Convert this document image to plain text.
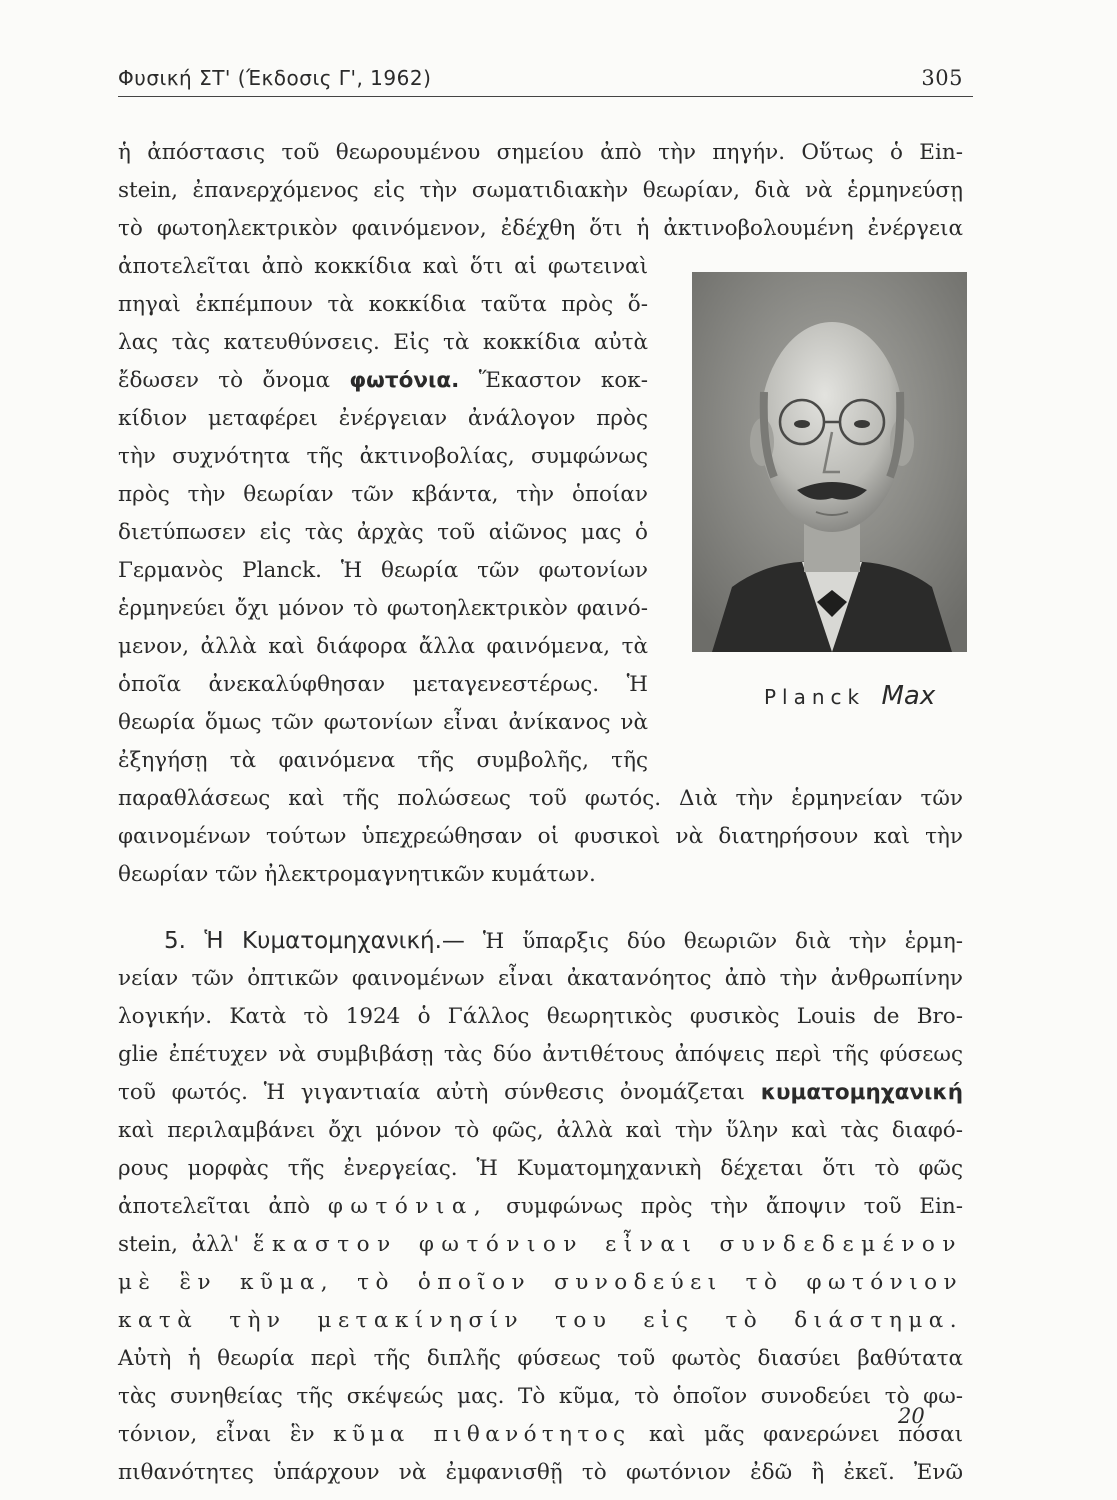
Φυσική ΣΤ' (Έκδοσις Γ', 1962)	305
ἡ ἀπόστασις τοῦ θεωρουμένου σημείου ἀπὸ τὴν πηγήν. Οὕτως ὁ Ein-
stein, ἐπανερχόμενος εἰς τὴν σωματιδιακὴν θεωρίαν, διὰ νὰ ἑρμηνεύσῃ
τὸ φωτοηλεκτρικὸν φαινόμενον, ἐδέχθη ὅτι ἡ ἀκτινοβολουμένη ἐνέργεια
ἀποτελεῖται ἀπὸ κοκκίδια καὶ ὅτι αἱ φωτειναὶ
πηγαὶ ἐκπέμπουν τὰ κοκκίδια ταῦτα πρὸς ὅ-
λας τὰς κατευθύνσεις. Εἰς τὰ κοκκίδια αὐτὰ
ἔδωσεν τὸ ὄνομα φωτόνια. Ἕκαστον κοκ-
κίδιον μεταφέρει ἐνέργειαν ἀνάλογον πρὸς
τὴν συχνότητα τῆς ἀκτινοβολίας, συμφώνως
πρὸς τὴν θεωρίαν τῶν κβάντα, τὴν ὁποίαν
διετύπωσεν εἰς τὰς ἀρχὰς τοῦ αἰῶνος μας ὁ
Γερμανὸς Planck. Ἡ θεωρία τῶν φωτονίων
ἑρμηνεύει ὄχι μόνον τὸ φωτοηλεκτρικὸν φαινό-
μενον, ἀλλὰ καὶ διάφορα ἄλλα φαινόμενα, τὰ
ὁποῖα ἀνεκαλύφθησαν μεταγενεστέρως. Ἡ
θεωρία ὅμως τῶν φωτονίων εἶναι ἀνίκανος νὰ
ἐξηγήσῃ τὰ φαινόμενα τῆς συμβολῆς, τῆς
Planck Max
παραθλάσεως καὶ τῆς πολώσεως τοῦ φωτός. Διὰ τὴν ἑρμηνείαν τῶν
φαινομένων τούτων ὑπεχρεώθησαν οἱ φυσικοὶ νὰ διατηρήσουν καὶ τὴν
θεωρίαν τῶν ἠλεκτρομαγνητικῶν κυμάτων.
5. Ἡ Κυματομηχανική.— Ἡ ὕπαρξις δύο θεωριῶν διὰ τὴν ἑρμη-
νείαν τῶν ὀπτικῶν φαινομένων εἶναι ἀκατανόητος ἀπὸ τὴν ἀνθρωπίνην
λογικήν. Κατὰ τὸ 1924 ὁ Γάλλος θεωρητικὸς φυσικὸς Louis de Bro-
glie ἐπέτυχεν νὰ συμβιβάσῃ τὰς δύο ἀντιθέτους ἀπόψεις περὶ τῆς φύσεως
τοῦ φωτός. Ἡ γιγαντιαία αὐτὴ σύνθεσις ὀνομάζεται κυματομηχανική
καὶ περιλαμβάνει ὄχι μόνον τὸ φῶς, ἀλλὰ καὶ τὴν ὕλην καὶ τὰς διαφό-
ρους μορφὰς τῆς ἐνεργείας. Ἡ Κυματομηχανικὴ δέχεται ὅτι τὸ φῶς
ἀποτελεῖται ἀπὸ φωτόνια, συμφώνως πρὸς τὴν ἄποψιν τοῦ Ein-
stein, ἀλλ' ἕκαστον φωτόνιον εἶναι συνδεδεμένον
μὲ ἓν κῦμα, τὸ ὁποῖον συνοδεύει τὸ φωτόνιον
κατὰ τὴν μετακίνησίν του εἰς τὸ διάστημα.
Αὐτὴ ἡ θεωρία περὶ τῆς διπλῆς φύσεως τοῦ φωτὸς διασύει βαθύτατα
τὰς συνηθείας τῆς σκέψεώς μας. Τὸ κῦμα, τὸ ὁποῖον συνοδεύει τὸ φω-
τόνιον, εἶναι ἓν κῦμα πιθανότητος καὶ μᾶς φανερώνει πόσαι
πιθανότητες ὑπάρχουν νὰ ἐμφανισθῇ τὸ φωτόνιον ἐδῶ ἢ ἐκεῖ. Ἐνῶ
20
